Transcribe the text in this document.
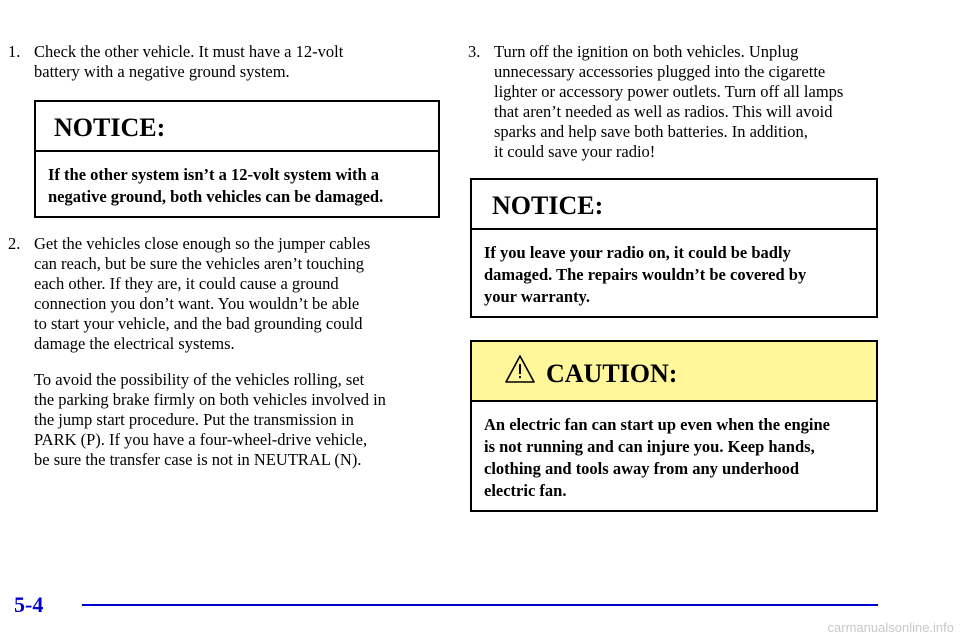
1. Check the other vehicle. It must have a 12-volt
battery with a negative ground system.
NOTICE:
If the other system isn’t a 12-volt system with a
negative ground, both vehicles can be damaged.
2. Get the vehicles close enough so the jumper cables
can reach, but be sure the vehicles aren’t touching
each other. If they are, it could cause a ground
connection you don’t want. You wouldn’t be able
to start your vehicle, and the bad grounding could
damage the electrical systems.
To avoid the possibility of the vehicles rolling, set
the parking brake firmly on both vehicles involved in
the jump start procedure. Put the transmission in
PARK (P). If you have a four-wheel-drive vehicle,
be sure the transfer case is not in NEUTRAL (N).
3. Turn off the ignition on both vehicles. Unplug
unnecessary accessories plugged into the cigarette
lighter or accessory power outlets. Turn off all lamps
that aren’t needed as well as radios. This will avoid
sparks and help save both batteries. In addition,
it could save your radio!
NOTICE:
If you leave your radio on, it could be badly
damaged. The repairs wouldn’t be covered by
your warranty.
CAUTION:
An electric fan can start up even when the engine
is not running and can injure you. Keep hands,
clothing and tools away from any underhood
electric fan.
5-4
carmanualsonline.info
